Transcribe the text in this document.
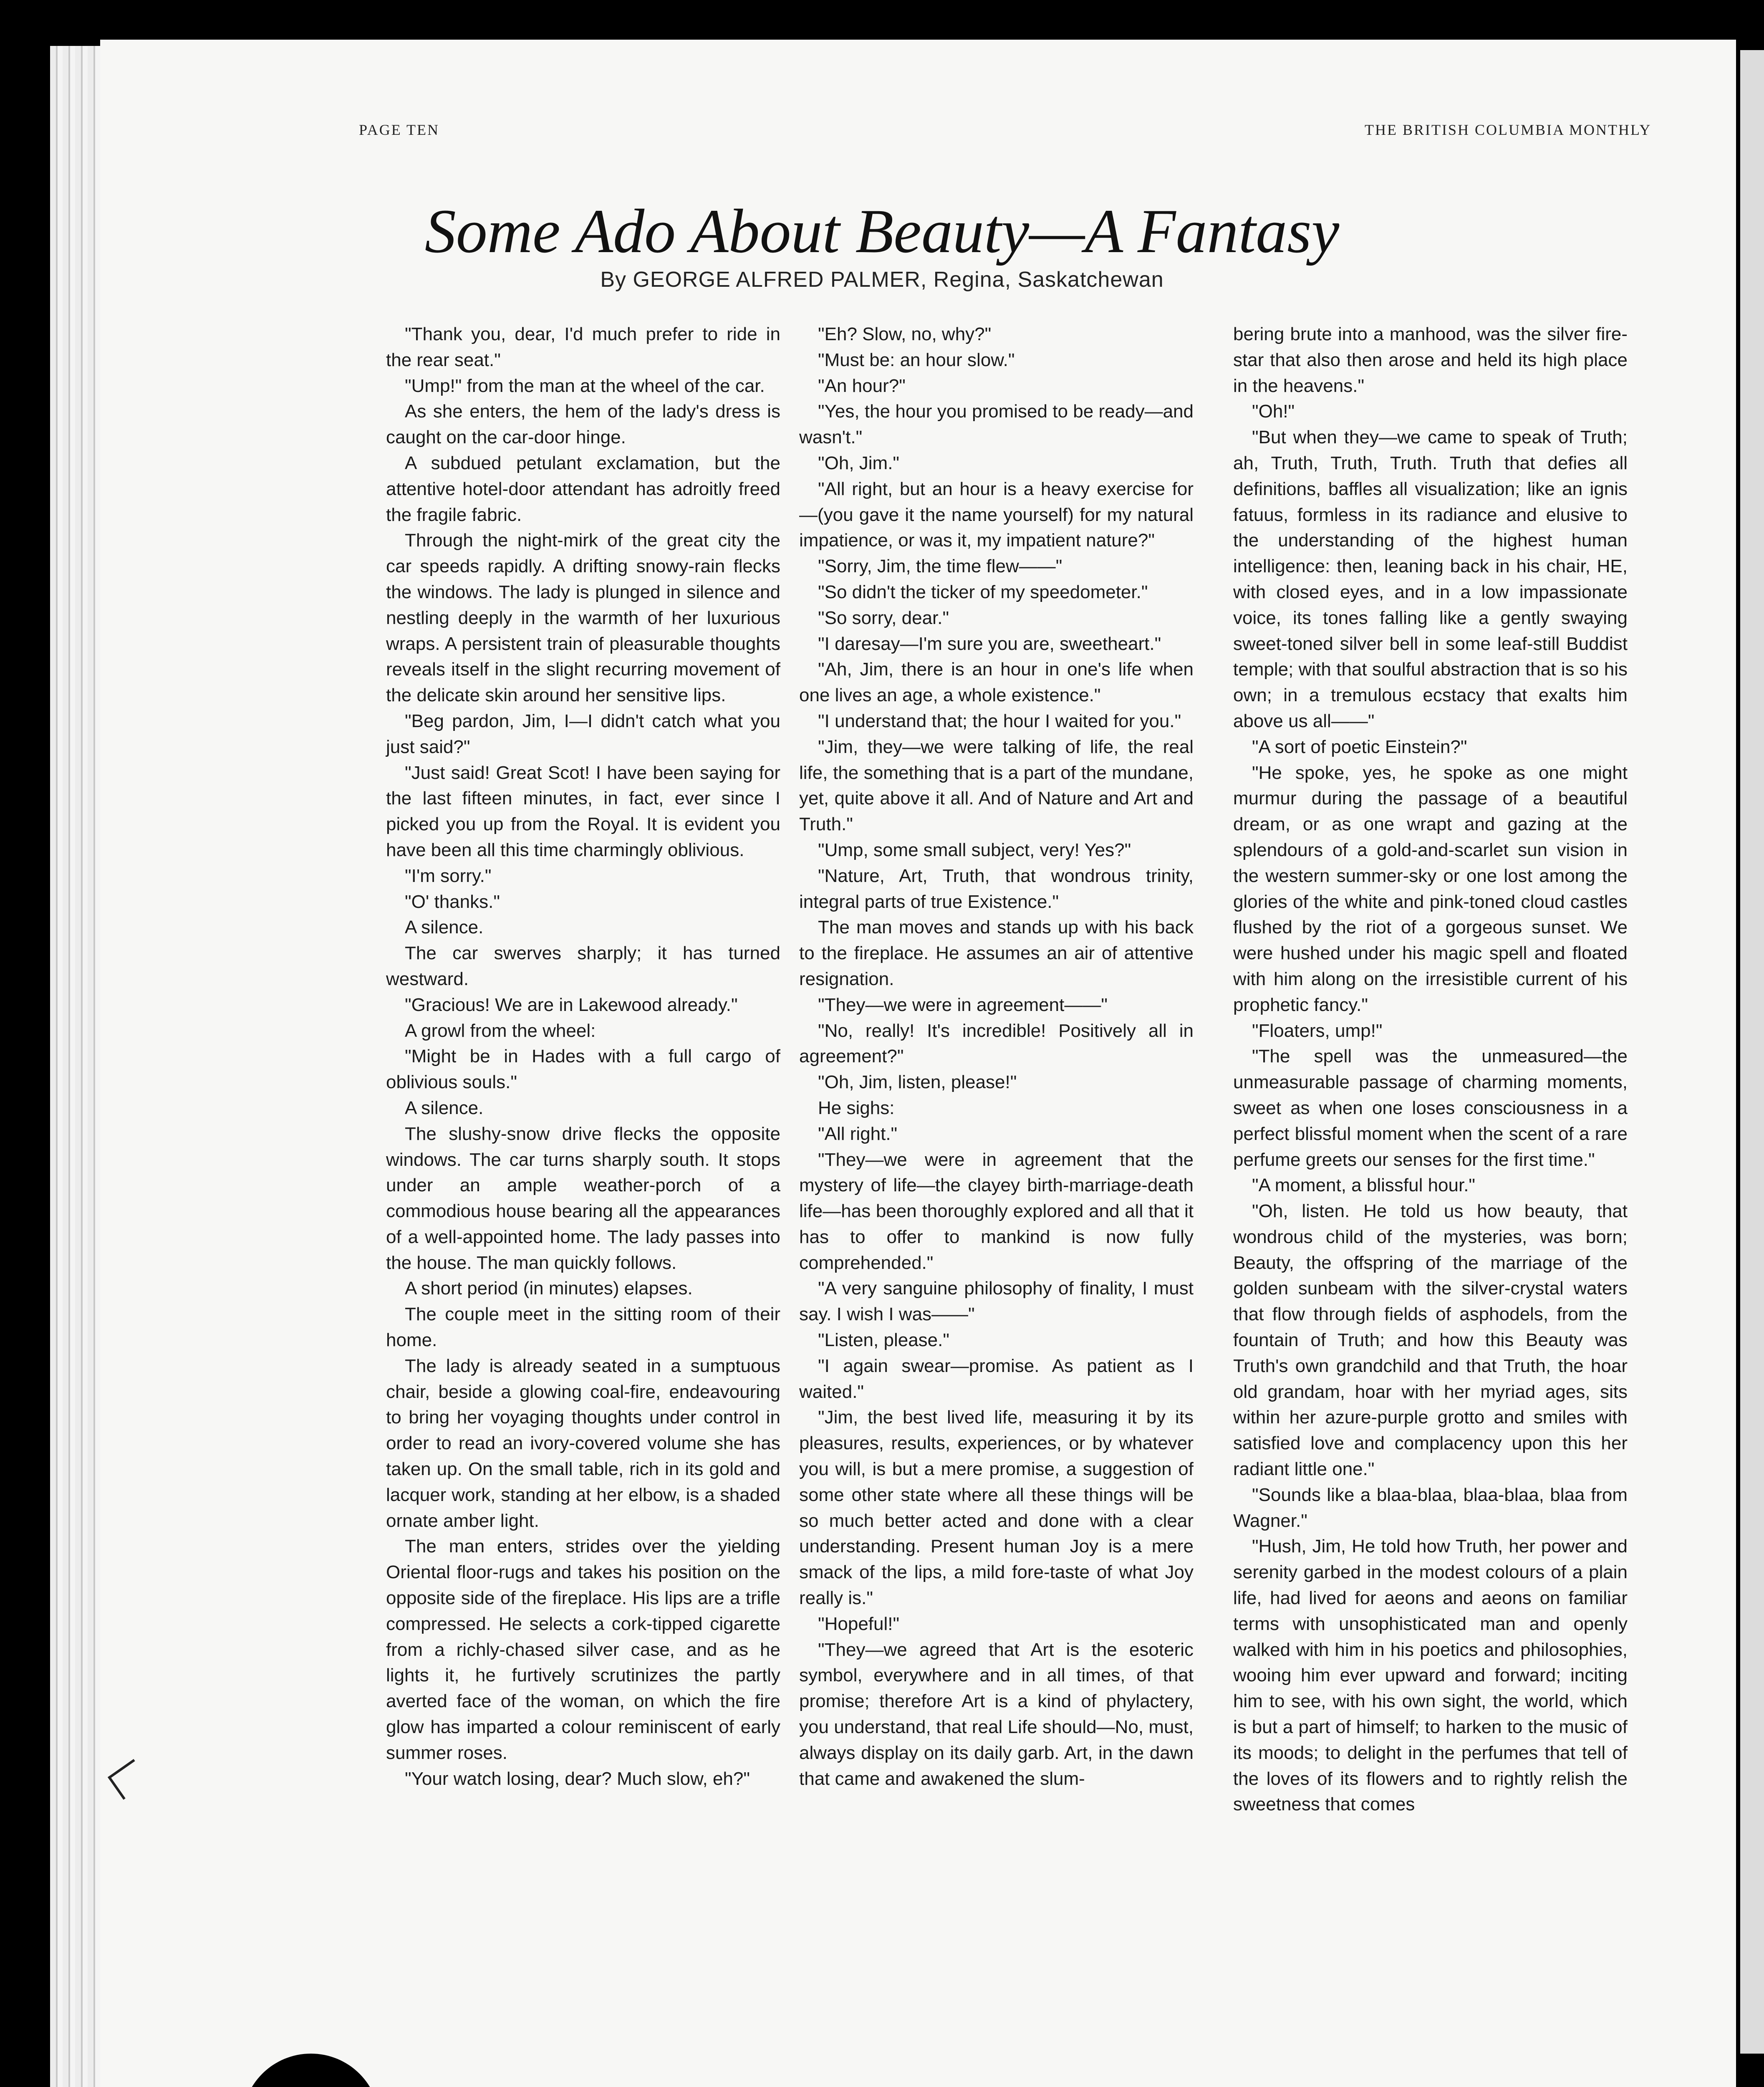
PAGE TEN	THE BRITISH COLUMBIA MONTHLY
Some Ado About Beauty—A Fantasy
By GEORGE ALFRED PALMER, Regina, Saskatchewan

"Thank you, dear, I'd much prefer to ride in the rear seat."

"Ump!" from the man at the wheel of the car.

As she enters, the hem of the lady's dress is caught on the car-door hinge.

A subdued petulant exclamation, but the attentive hotel-door attendant has adroitly freed the fragile fabric.

Through the night-mirk of the great city the car speeds rapidly. A drifting snowy-rain flecks the windows. The lady is plunged in silence and nestling deeply in the warmth of her luxurious wraps. A persistent train of pleasurable thoughts reveals itself in the slight recurring movement of the delicate skin around her sensitive lips.

"Beg pardon, Jim, I—I didn't catch what you just said?"

"Just said! Great Scot! I have been saying for the last fifteen minutes, in fact, ever since I picked you up from the Royal. It is evident you have been all this time charmingly oblivious.

"I'm sorry."

"O' thanks."

A silence.

The car swerves sharply; it has turned westward.

"Gracious! We are in Lakewood already."

A growl from the wheel:

"Might be in Hades with a full cargo of oblivious souls."

A silence.

The slushy-snow drive flecks the opposite windows. The car turns sharply south. It stops under an ample weather-porch of a commodious house bearing all the appearances of a well-appointed home. The lady passes into the house. The man quickly follows.

A short period (in minutes) elapses.

The couple meet in the sitting room of their home.

The lady is already seated in a sumptuous chair, beside a glowing coal-fire, endeavouring to bring her voyaging thoughts under control in order to read an ivory-covered volume she has taken up. On the small table, rich in its gold and lacquer work, standing at her elbow, is a shaded ornate amber light.

The man enters, strides over the yielding Oriental floor-rugs and takes his position on the opposite side of the fireplace. His lips are a trifle compressed. He selects a cork-tipped cigarette from a richly-chased silver case, and as he lights it, he furtively scrutinizes the partly averted face of the woman, on which the fire glow has imparted a colour reminiscent of early summer roses.

"Your watch losing, dear? Much slow, eh?"

"Eh? Slow, no, why?"

"Must be: an hour slow."

"An hour?"

"Yes, the hour you promised to be ready—and wasn't."

"Oh, Jim."

"All right, but an hour is a heavy exercise for—(you gave it the name yourself) for my natural impatience, or was it, my impatient nature?"

"Sorry, Jim, the time flew——"

"So didn't the ticker of my speedometer."

"So sorry, dear."

"I daresay—I'm sure you are, sweetheart."

"Ah, Jim, there is an hour in one's life when one lives an age, a whole existence."

"I understand that; the hour I waited for you."

"Jim, they—we were talking of life, the real life, the something that is a part of the mundane, yet, quite above it all. And of Nature and Art and Truth."

"Ump, some small subject, very! Yes?"

"Nature, Art, Truth, that wondrous trinity, integral parts of true Existence."

The man moves and stands up with his back to the fireplace. He assumes an air of attentive resignation.

"They—we were in agreement——"

"No, really! It's incredible! Positively all in agreement?"

"Oh, Jim, listen, please!"

He sighs:

"All right."

"They—we were in agreement that the mystery of life—the clayey birth-marriage-death life—has been thoroughly explored and all that it has to offer to mankind is now fully comprehended."

"A very sanguine philosophy of finality, I must say. I wish I was——"

"Listen, please."

"I again swear—promise. As patient as I waited."

"Jim, the best lived life, measuring it by its pleasures, results, experiences, or by whatever you will, is but a mere promise, a suggestion of some other state where all these things will be so much better acted and done with a clear understanding. Present human Joy is a mere smack of the lips, a mild fore-taste of what Joy really is."

"Hopeful!"

"They—we agreed that Art is the esoteric symbol, everywhere and in all times, of that promise; therefore Art is a kind of phylactery, you understand, that real Life should—No, must, always display on its daily garb. Art, in the dawn that came and awakened the slum-

bering brute into a manhood, was the silver fire-star that also then arose and held its high place in the heavens."

"Oh!"

"But when they—we came to speak of Truth; ah, Truth, Truth, Truth. Truth that defies all definitions, baffles all visualization; like an ignis fatuus, formless in its radiance and elusive to the understanding of the highest human intelligence: then, leaning back in his chair, HE, with closed eyes, and in a low impassionate voice, its tones falling like a gently swaying sweet-toned silver bell in some leaf-still Buddist temple; with that soulful abstraction that is so his own; in a tremulous ecstacy that exalts him above us all——"

"A sort of poetic Einstein?"

"He spoke, yes, he spoke as one might murmur during the passage of a beautiful dream, or as one wrapt and gazing at the splendours of a gold-and-scarlet sun vision in the western summer-sky or one lost among the glories of the white and pink-toned cloud castles flushed by the riot of a gorgeous sunset. We were hushed under his magic spell and floated with him along on the irresistible current of his prophetic fancy."

"Floaters, ump!"

"The spell was the unmeasured—the unmeasurable passage of charming moments, sweet as when one loses consciousness in a perfect blissful moment when the scent of a rare perfume greets our senses for the first time."

"A moment, a blissful hour."

"Oh, listen. He told us how beauty, that wondrous child of the mysteries, was born; Beauty, the offspring of the marriage of the golden sunbeam with the silver-crystal waters that flow through fields of asphodels, from the fountain of Truth; and how this Beauty was Truth's own grandchild and that Truth, the hoar old grandam, hoar with her myriad ages, sits within her azure-purple grotto and smiles with satisfied love and complacency upon this her radiant little one."

"Sounds like a blaa-blaa, blaa-blaa, blaa from Wagner."

"Hush, Jim, He told how Truth, her power and serenity garbed in the modest colours of a plain life, had lived for aeons and aeons on familiar terms with unsophisticated man and openly walked with him in his poetics and philosophies, wooing him ever upward and forward; inciting him to see, with his own sight, the world, which is but a part of himself; to harken to the music of its moods; to delight in the perfumes that tell of the loves of its flowers and to rightly relish the sweetness that comes
